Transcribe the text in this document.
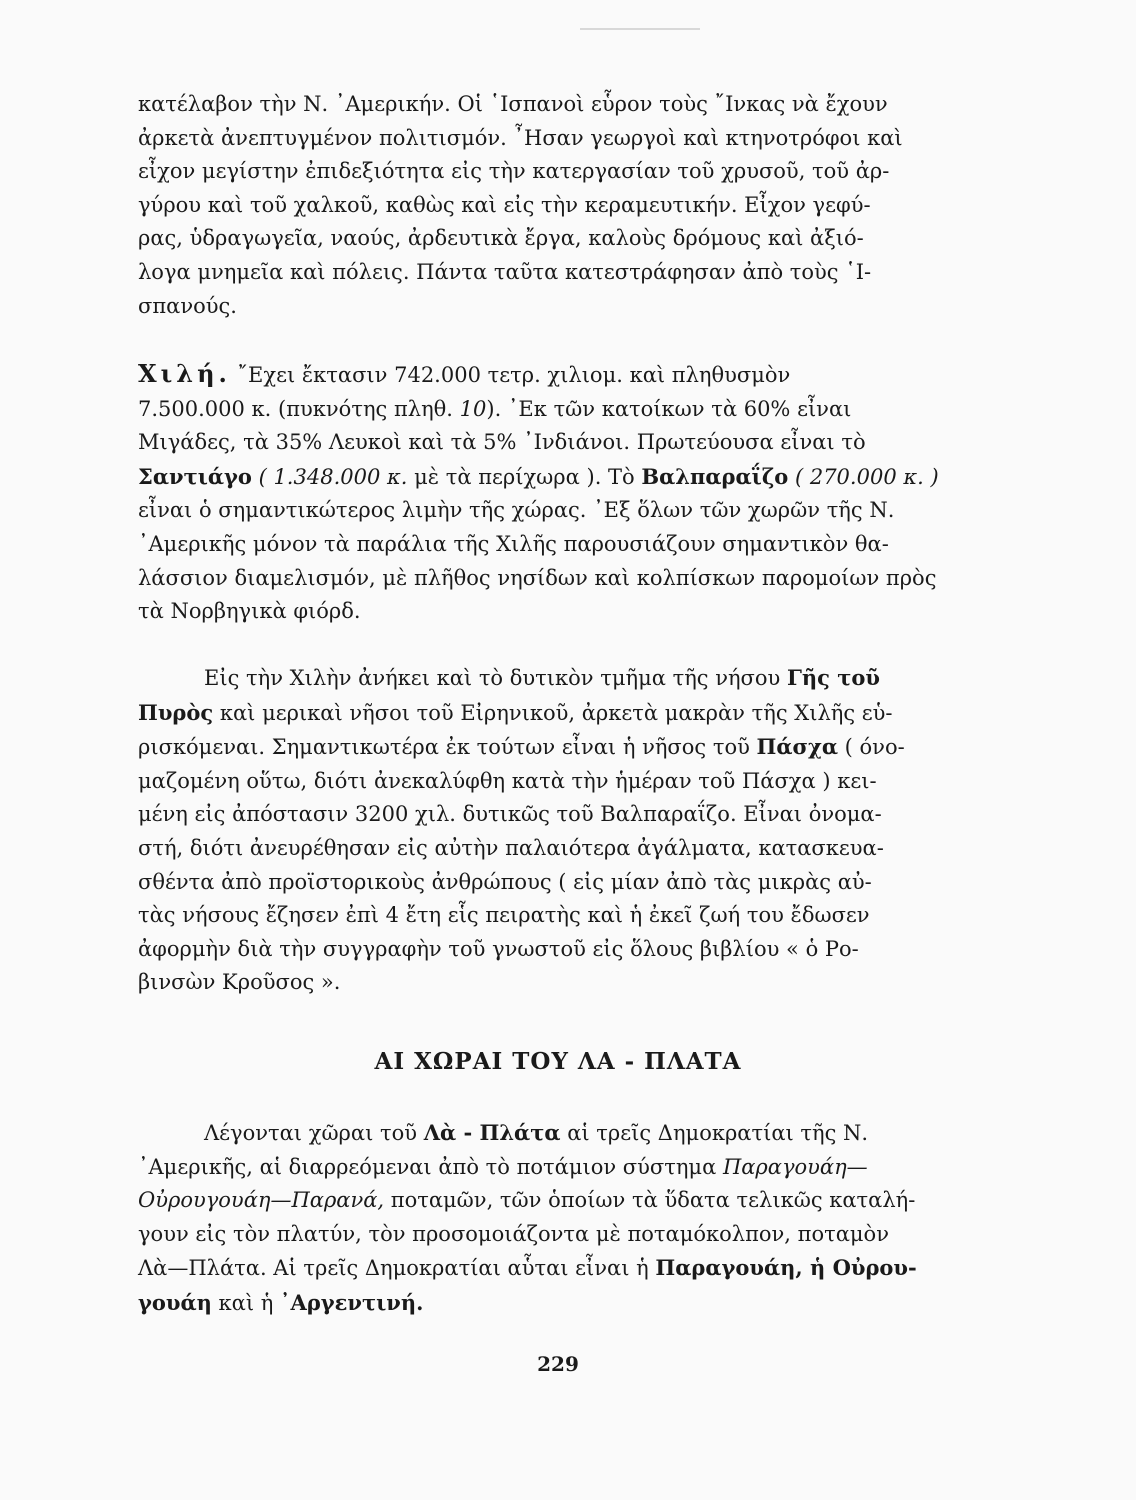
κατέλαβον τὴν Ν. ᾿Αμερικήν. Οἱ ῾Ισπανοὶ εὗρον τοὺς ῎Ινκας νὰ ἔχουν
ἀρκετὰ ἀνεπτυγμένον πολιτισμόν. ῏Ησαν γεωργοὶ καὶ κτηνοτρόφοι καὶ
εἶχον μεγίστην ἐπιδεξιότητα εἰς τὴν κατεργασίαν τοῦ χρυσοῦ, τοῦ ἀρ-
γύρου καὶ τοῦ χαλκοῦ, καθὼς καὶ εἰς τὴν κεραμευτικήν. Εἶχον γεφύ-
ρας, ὑδραγωγεῖα, ναούς, ἀρδευτικὰ ἔργα, καλοὺς δρόμους καὶ ἀξιό-
λογα μνημεῖα καὶ πόλεις. Πάντα ταῦτα κατεστράφησαν ἀπὸ τοὺς ῾Ι-
σπανούς.
Χιλή. ῎Εχει ἔκτασιν 742.000 τετρ. χιλιομ. καὶ πληθυσμὸν
7.500.000 κ. (πυκνότης πληθ. 10). ᾿Εκ τῶν κατοίκων τὰ 60% εἶναι
Μιγάδες, τὰ 35% Λευκοὶ καὶ τὰ 5% ᾿Ινδιάνοι. Πρωτεύουσα εἶναι τὸ
Σαντιάγο ( 1.348.000 κ. μὲ τὰ περίχωρα ). Τὸ Βαλπαραΐζο ( 270.000 κ. )
εἶναι ὁ σημαντικώτερος λιμὴν τῆς χώρας. ᾿Εξ ὅλων τῶν χωρῶν τῆς Ν.
᾿Αμερικῆς μόνον τὰ παράλια τῆς Χιλῆς παρουσιάζουν σημαντικὸν θα-
λάσσιον διαμελισμόν, μὲ πλῆθος νησίδων καὶ κολπίσκων παρομοίων πρὸς
τὰ Νορβηγικὰ φιόρδ.
Εἰς τὴν Χιλὴν ἀνήκει καὶ τὸ δυτικὸν τμῆμα τῆς νήσου Γῆς τοῦ
Πυρὸς καὶ μερικαὶ νῆσοι τοῦ Εἰρηνικοῦ, ἀρκετὰ μακρὰν τῆς Χιλῆς εὑ-
ρισκόμεναι. Σημαντικωτέρα ἐκ τούτων εἶναι ἡ νῆσος τοῦ Πάσχα ( όνο-
μαζομένη οὕτω, διότι ἀνεκαλύφθη κατὰ τὴν ἡμέραν τοῦ Πάσχα ) κει-
μένη εἰς ἀπόστασιν 3200 χιλ. δυτικῶς τοῦ Βαλπαραΐζο. Εἶναι ὀνομα-
στή, διότι ἀνευρέθησαν εἰς αὐτὴν παλαιότερα ἀγάλματα, κατασκευα-
σθέντα ἀπὸ προϊστορικοὺς ἀνθρώπους ( εἰς μίαν ἀπὸ τὰς μικρὰς αὐ-
τὰς νήσους ἔζησεν ἐπὶ 4 ἔτη εἷς πειρατὴς καὶ ἡ ἐκεῖ ζωή του ἔδωσεν
ἀφορμὴν διὰ τὴν συγγραφὴν τοῦ γνωστοῦ εἰς ὅλους βιβλίου « ὁ Ρο-
βινσὼν Κροῦσος ».
ΑΙ ΧΩΡΑΙ ΤΟΥ ΛΑ - ΠΛΑΤΑ
Λέγονται χῶραι τοῦ Λὰ - Πλάτα αἱ τρεῖς Δημοκρατίαι τῆς Ν.
᾿Αμερικῆς, αἱ διαρρεόμεναι ἀπὸ τὸ ποτάμιον σύστημα Παραγουάη—
Οὐρουγουάη—Παρανά, ποταμῶν, τῶν ὁποίων τὰ ὕδατα τελικῶς καταλή-
γουν εἰς τὸν πλατύν, τὸν προσομοιάζοντα μὲ ποταμόκολπον, ποταμὸν
Λὰ—Πλάτα. Αἱ τρεῖς Δημοκρατίαι αὗται εἶναι ἡ Παραγουάη, ἡ Οὐρου-
γουάη καὶ ἡ ᾿Αργεντινή.
229
